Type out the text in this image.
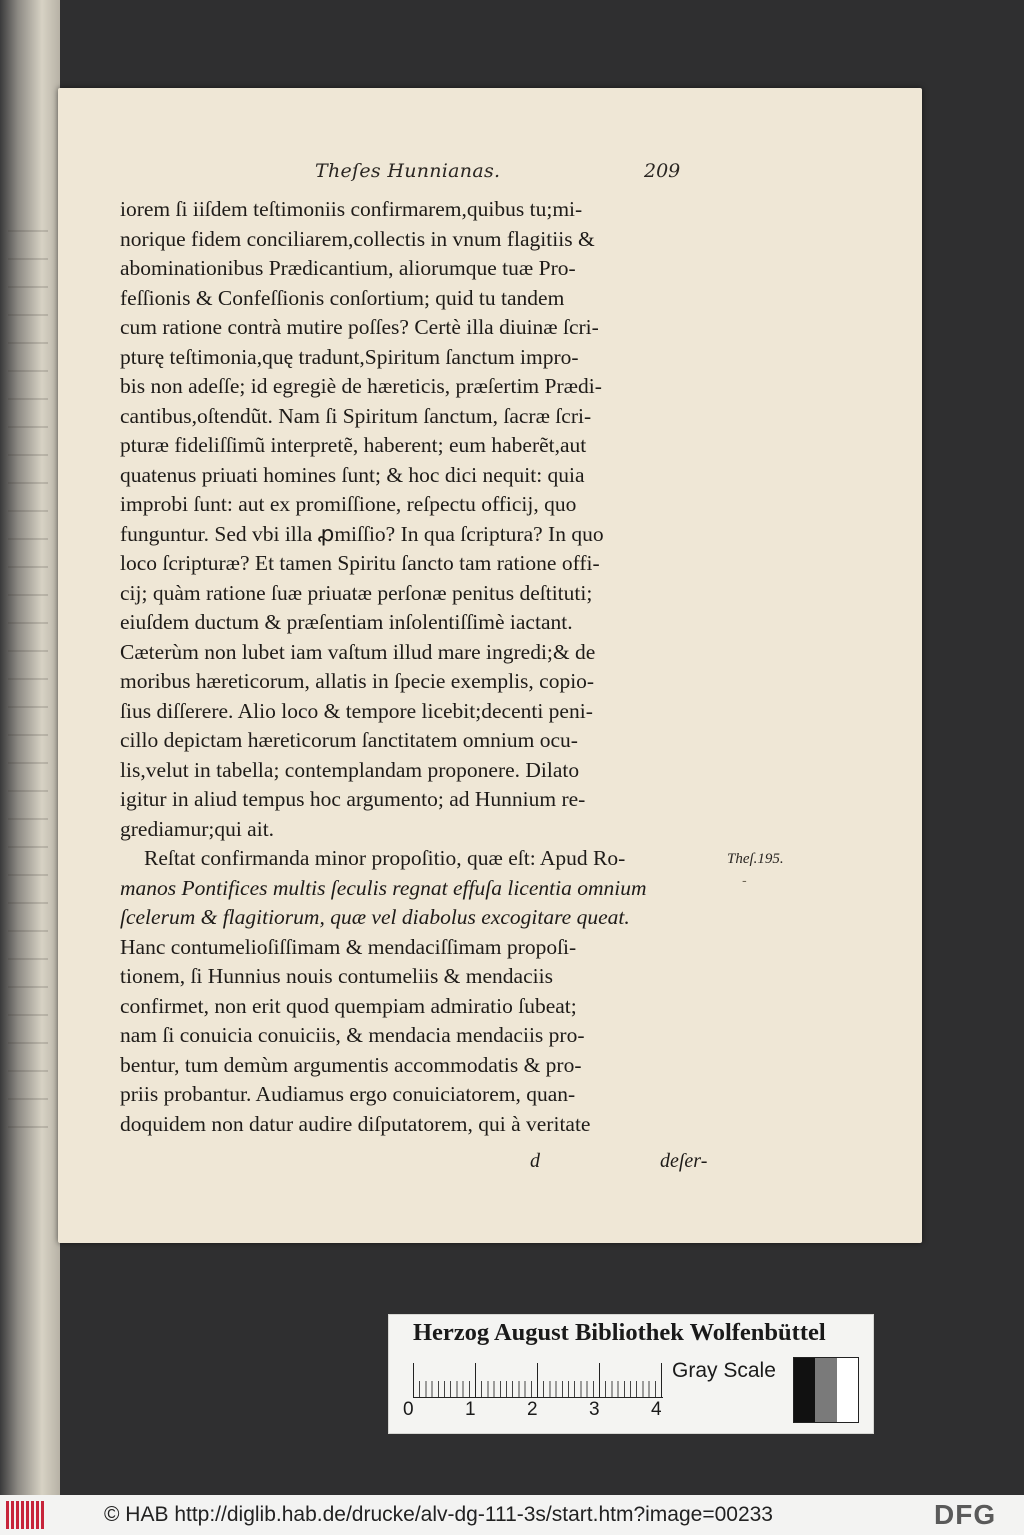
Theſes Hunnianas.	209
iorem ſi iiſdem teſtimoniis confirmarem,quibus tu;mi-
norique fidem conciliarem,collectis in vnum flagitiis &
abominationibus Prædicantium, aliorumque tuæ Pro-
feſſionis & Confeſſionis conſortium; quid tu tandem
cum ratione contrà mutire poſſes? Certè illa diuinæ ſcri-
pturę teſtimonia,quę tradunt,Spiritum ſanctum impro-
bis non adeſſe; id egregiè de hæreticis, præſertim Prædi-
cantibus,oſtendũt. Nam ſi Spiritum ſanctum, ſacræ ſcri-
pturæ fideliſſimũ interpretẽ, haberent; eum haberẽt,aut
quatenus priuati homines ſunt; & hoc dici nequit: quia
improbi ſunt: aut ex promiſſione, reſpectu officij, quo
funguntur. Sed vbi illa ꝓmiſſio? In qua ſcriptura? In quo
loco ſcripturæ? Et tamen Spiritu ſancto tam ratione offi-
cij; quàm ratione ſuæ priuatæ perſonæ penitus deſtituti;
eiuſdem ductum & præſentiam inſolentiſſimè iactant.
Cæterùm non lubet iam vaſtum illud mare ingredi;& de
moribus hæreticorum, allatis in ſpecie exemplis, copio-
ſius diſſerere. Alio loco & tempore licebit;decenti peni-
cillo depictam hæreticorum ſanctitatem omnium ocu-
lis,velut in tabella; contemplandam proponere. Dilato
igitur in aliud tempus hoc argumento; ad Hunnium re-
grediamur;qui ait.
Reſtat confirmanda minor propoſitio, quæ eſt: Apud Ro-
manos Pontifices multis ſeculis regnat effuſa licentia omnium
ſcelerum & flagitiorum, quæ vel diabolus excogitare queat.
Hanc contumelioſiſſimam & mendaciſſimam propoſi-
tionem, ſi Hunnius nouis contumeliis & mendaciis
confirmet, non erit quod quempiam admiratio ſubeat;
nam ſi conuicia conuiciis, & mendacia mendaciis pro-
bentur, tum demùm argumentis accommodatis & pro-
priis probantur. Audiamus ergo conuiciatorem, quan-
doquidem non datur audire diſputatorem, qui à veritate
Theſ.195.
-
d	deſer-
Herzog August Bibliothek Wolfenbüttel
0	1	2	3	4
Gray Scale
© HAB http://diglib.hab.de/drucke/alv-dg-111-3s/start.htm?image=00233	DFG
